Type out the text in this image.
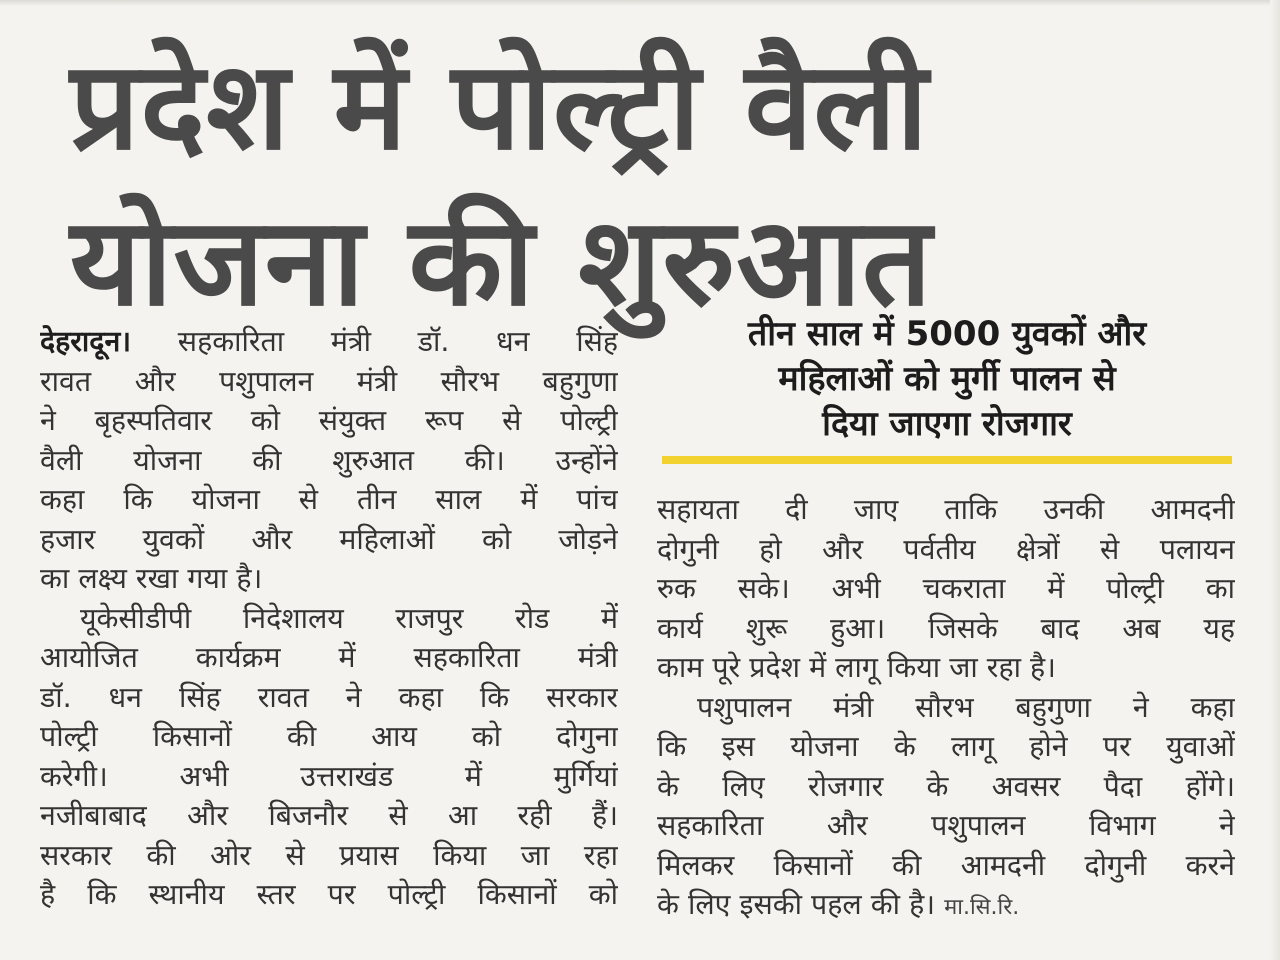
प्रदेश में पोल्ट्री वैली
योजना की शुरुआत
देहरादून। सहकारिता मंत्री डॉ. धन सिंह
रावत और पशुपालन मंत्री सौरभ बहुगुणा
ने बृहस्पतिवार को संयुक्त रूप से पोल्ट्री
वैली योजना की शुरुआत की। उन्होंने
कहा कि योजना से तीन साल में पांच
हजार युवकों और महिलाओं को जोड़ने
का लक्ष्य रखा गया है।
यूकेसीडीपी निदेशालय राजपुर रोड में
आयोजित कार्यक्रम में सहकारिता मंत्री
डॉ. धन सिंह रावत ने कहा कि सरकार
पोल्ट्री किसानों की आय को दोगुना
करेगी। अभी उत्तराखंड में मुर्गियां
नजीबाबाद और बिजनौर से आ रही हैं।
सरकार की ओर से प्रयास किया जा रहा
है कि स्थानीय स्तर पर पोल्ट्री किसानों को
तीन साल में 5000 युवकों और
महिलाओं को मुर्गी पालन से
दिया जाएगा रोजगार
सहायता दी जाए ताकि उनकी आमदनी
दोगुनी हो और पर्वतीय क्षेत्रों से पलायन
रुक सके। अभी चकराता में पोल्ट्री का
कार्य शुरू हुआ। जिसके बाद अब यह
काम पूरे प्रदेश में लागू किया जा रहा है।
पशुपालन मंत्री सौरभ बहुगुणा ने कहा
कि इस योजना के लागू होने पर युवाओं
के लिए रोजगार के अवसर पैदा होंगे।
सहकारिता और पशुपालन विभाग ने
मिलकर किसानों की आमदनी दोगुनी करने
के लिए इसकी पहल की है। मा.सि.रि.
